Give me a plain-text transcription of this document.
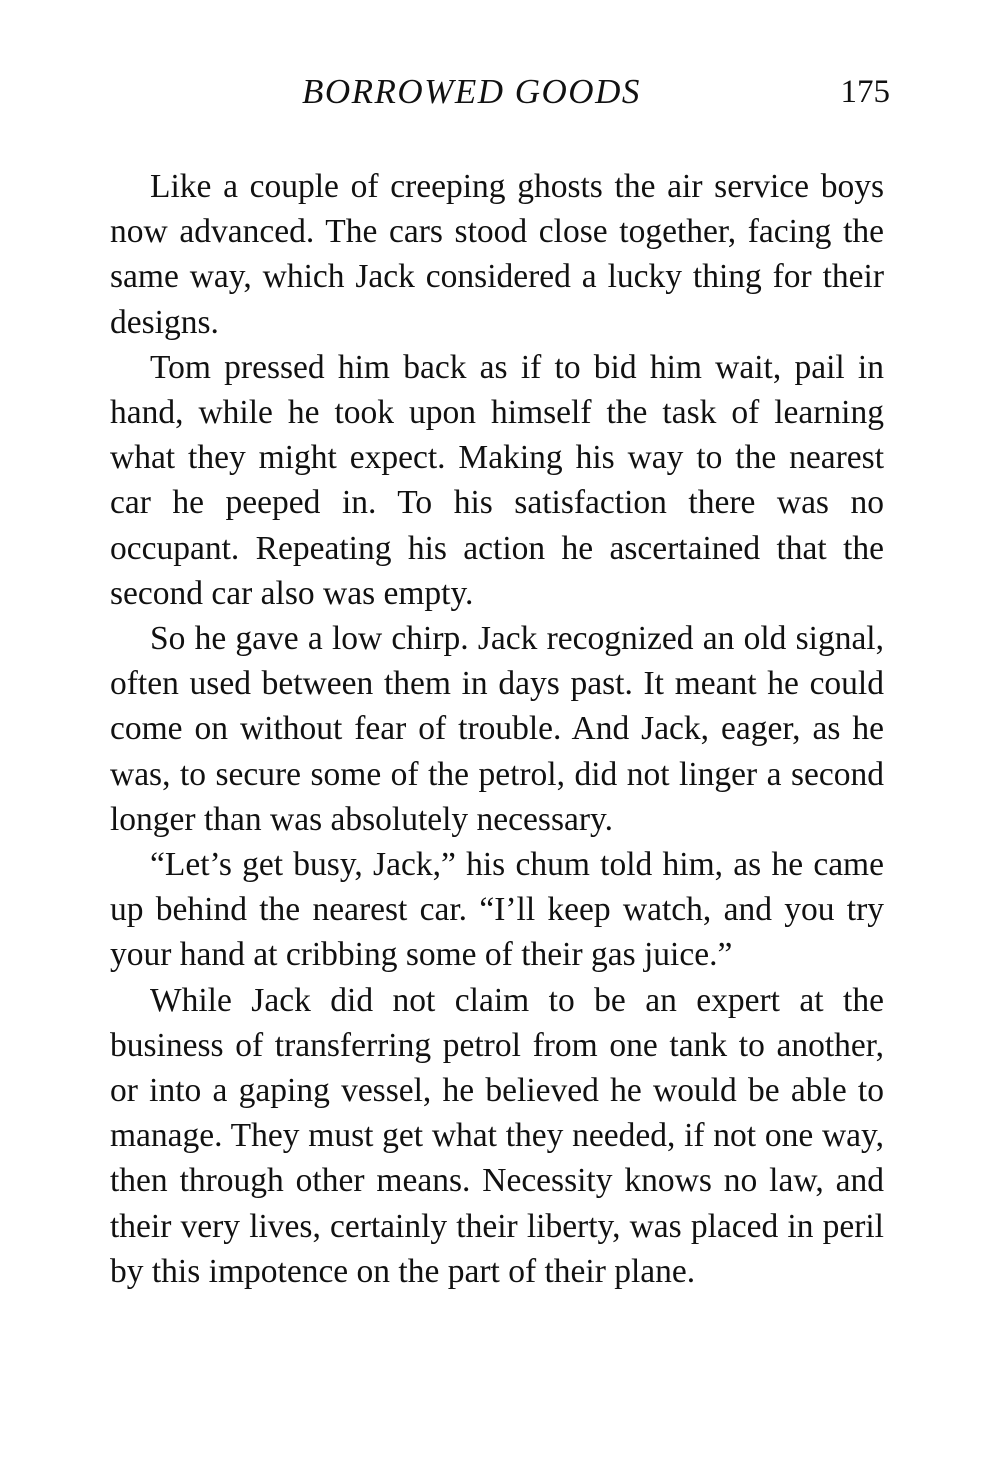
BORROWED GOODS	175

Like a couple of creeping ghosts the air service boys now advanced. The cars stood close together, facing the same way, which Jack considered a lucky thing for their designs.

Tom pressed him back as if to bid him wait, pail in hand, while he took upon himself the task of learning what they might expect. Making his way to the nearest car he peeped in. To his satisfaction there was no occupant. Repeating his action he ascertained that the second car also was empty.

So he gave a low chirp. Jack recognized an old signal, often used between them in days past. It meant he could come on without fear of trouble. And Jack, eager, as he was, to secure some of the petrol, did not linger a second longer than was absolutely necessary.

“Let’s get busy, Jack,” his chum told him, as he came up behind the nearest car. “I’ll keep watch, and you try your hand at cribbing some of their gas juice.”

While Jack did not claim to be an expert at the business of transferring petrol from one tank to another, or into a gaping vessel, he believed he would be able to manage. They must get what they needed, if not one way, then through other means. Necessity knows no law, and their very lives, certainly their liberty, was placed in peril by this impotence on the part of their plane.
